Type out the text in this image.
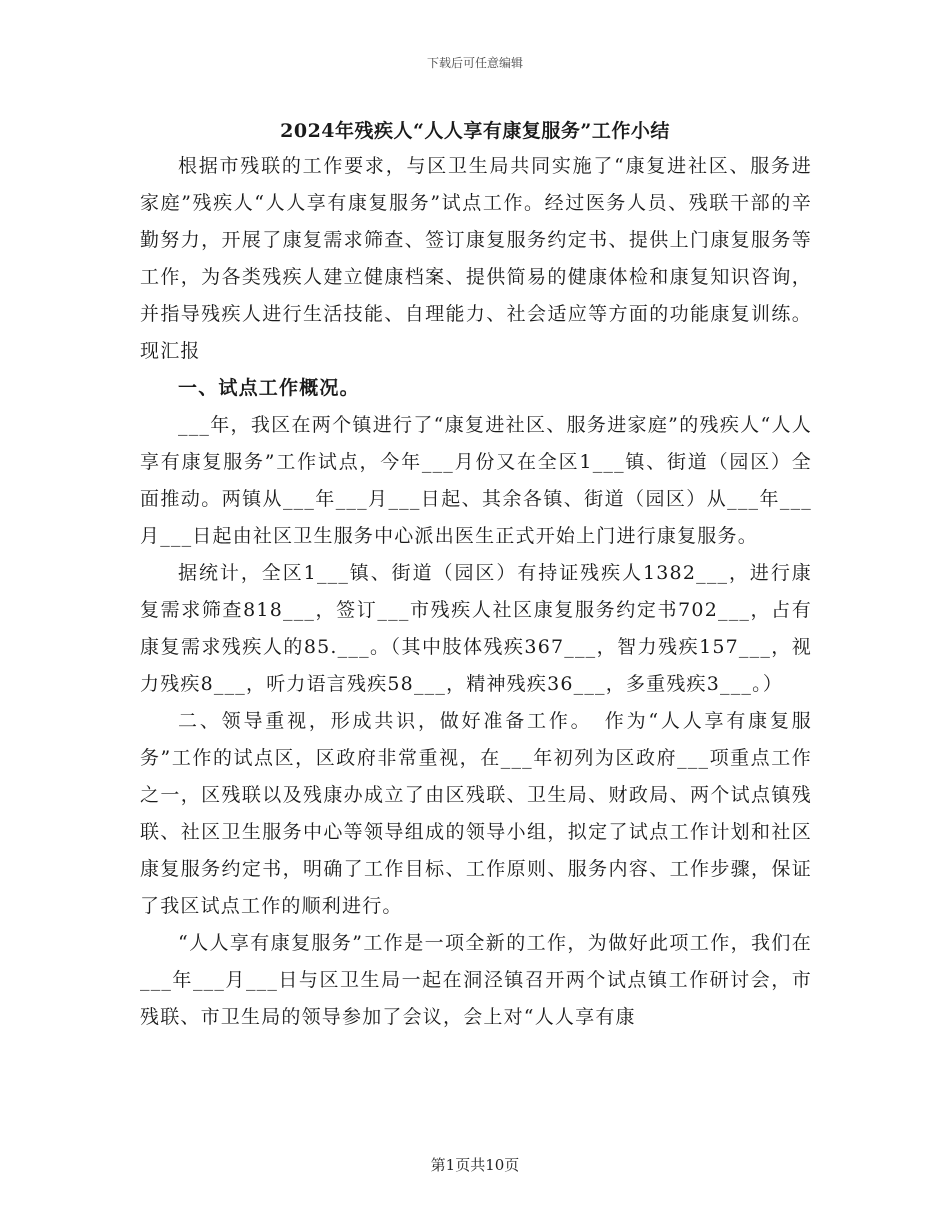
下载后可任意编辑
2024年残疾人“人人享有康复服务”工作小结

根据市残联的工作要求，与区卫生局共同实施了“康复进社区、服务进家庭”残疾人“人人享有康复服务”试点工作。经过医务人员、残联干部的辛勤努力，开展了康复需求筛查、签订康复服务约定书、提供上门康复服务等工作，为各类残疾人建立健康档案、提供简易的健康体检和康复知识咨询，并指导残疾人进行生活技能、自理能力、社会适应等方面的功能康复训练。现汇报

一、试点工作概况。

___年，我区在两个镇进行了“康复进社区、服务进家庭”的残疾人“人人享有康复服务”工作试点，今年___月份又在全区1___镇、街道（园区）全面推动。两镇从___年___月___日起、其余各镇、街道（园区）从___年___月___日起由社区卫生服务中心派出医生正式开始上门进行康复服务。

据统计，全区1___镇、街道（园区）有持证残疾人1382___，进行康复需求筛查818___，签订___市残疾人社区康复服务约定书702___，占有康复需求残疾人的85.___。（其中肢体残疾367___，智力残疾157___，视力残疾8___，听力语言残疾58___，精神残疾36___，多重残疾3___。）

二、领导重视，形成共识，做好准备工作。　作为“人人享有康复服务”工作的试点区，区政府非常重视，在___年初列为区政府___项重点工作之一，区残联以及残康办成立了由区残联、卫生局、财政局、两个试点镇残联、社区卫生服务中心等领导组成的领导小组，拟定了试点工作计划和社区康复服务约定书，明确了工作目标、工作原则、服务内容、工作步骤，保证了我区试点工作的顺利进行。

“人人享有康复服务”工作是一项全新的工作，为做好此项工作，我们在___年___月___日与区卫生局一起在洞泾镇召开两个试点镇工作研讨会，市残联、市卫生局的领导参加了会议，会上对“人人享有康

第1页共10页
